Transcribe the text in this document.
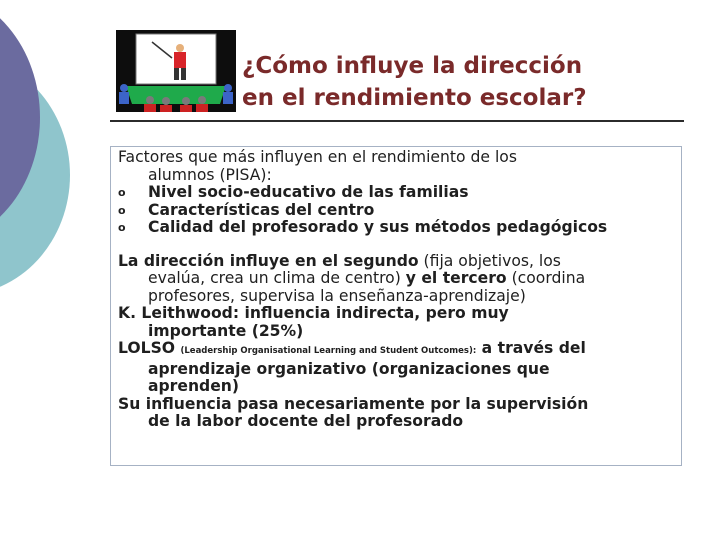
¿Cómo influye la dirección
en el rendimiento escolar?
Factores que más influyen en el rendimiento de los
alumnos (PISA):
o	Nivel socio-educativo de las familias
o	Características del centro
o	Calidad del profesorado y sus métodos pedagógicos
La dirección influye en el segundo (fija objetivos, los
evalúa, crea un clima de centro) y el tercero (coordina
profesores, supervisa la enseñanza-aprendizaje)
K. Leithwood: influencia indirecta, pero muy
importante (25%)
LOLSO (Leadership Organisational Learning and Student Outcomes): a través del
aprendizaje organizativo (organizaciones que
aprenden)
Su influencia pasa necesariamente por la supervisión
de la labor docente del profesorado
